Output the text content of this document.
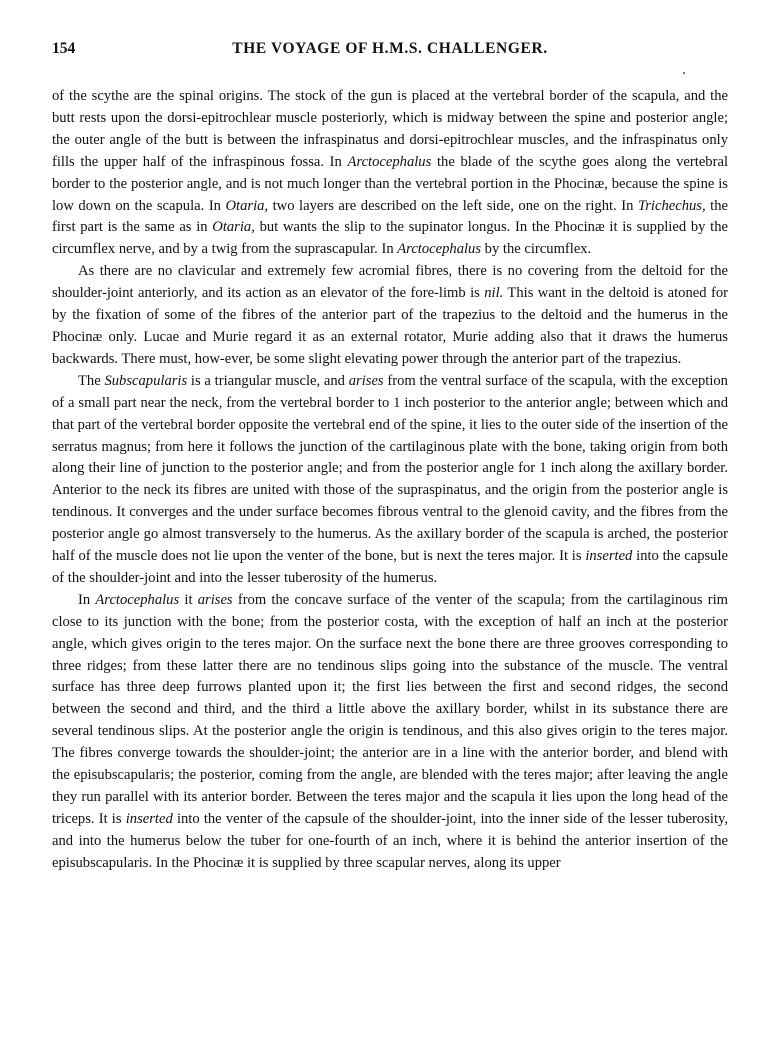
154	THE VOYAGE OF H.M.S. CHALLENGER.

of the scythe are the spinal origins. The stock of the gun is placed at the vertebral border of the scapula, and the butt rests upon the dorsi-epitrochlear muscle posteriorly, which is midway between the spine and posterior angle; the outer angle of the butt is between the infraspinatus and dorsi-epitrochlear muscles, and the infraspinatus only fills the upper half of the infraspinous fossa. In Arctocephalus the blade of the scythe goes along the vertebral border to the posterior angle, and is not much longer than the vertebral portion in the Phocinæ, because the spine is low down on the scapula. In Otaria, two layers are described on the left side, one on the right. In Trichechus, the first part is the same as in Otaria, but wants the slip to the supinator longus. In the Phocinæ it is supplied by the circumflex nerve, and by a twig from the suprascapular. In Arctocephalus by the circumflex.

As there are no clavicular and extremely few acromial fibres, there is no covering from the deltoid for the shoulder-joint anteriorly, and its action as an elevator of the fore-limb is nil. This want in the deltoid is atoned for by the fixation of some of the fibres of the anterior part of the trapezius to the deltoid and the humerus in the Phocinæ only. Lucae and Murie regard it as an external rotator, Murie adding also that it draws the humerus backwards. There must, how-ever, be some slight elevating power through the anterior part of the trapezius.

The Subscapularis is a triangular muscle, and arises from the ventral surface of the scapula, with the exception of a small part near the neck, from the vertebral border to 1 inch posterior to the anterior angle; between which and that part of the vertebral border opposite the vertebral end of the spine, it lies to the outer side of the insertion of the serratus magnus; from here it follows the junction of the cartilaginous plate with the bone, taking origin from both along their line of junction to the posterior angle; and from the posterior angle for 1 inch along the axillary border. Anterior to the neck its fibres are united with those of the supraspinatus, and the origin from the posterior angle is tendinous. It converges and the under surface becomes fibrous ventral to the glenoid cavity, and the fibres from the posterior angle go almost transversely to the humerus. As the axillary border of the scapula is arched, the posterior half of the muscle does not lie upon the venter of the bone, but is next the teres major. It is inserted into the capsule of the shoulder-joint and into the lesser tuberosity of the humerus.

In Arctocephalus it arises from the concave surface of the venter of the scapula; from the cartilaginous rim close to its junction with the bone; from the posterior costa, with the exception of half an inch at the posterior angle, which gives origin to the teres major. On the surface next the bone there are three grooves corresponding to three ridges; from these latter there are no tendinous slips going into the substance of the muscle. The ventral surface has three deep furrows planted upon it; the first lies between the first and second ridges, the second between the second and third, and the third a little above the axillary border, whilst in its substance there are several tendinous slips. At the posterior angle the origin is tendinous, and this also gives origin to the teres major. The fibres converge towards the shoulder-joint; the anterior are in a line with the anterior border, and blend with the episubscapularis; the posterior, coming from the angle, are blended with the teres major; after leaving the angle they run parallel with its anterior border. Between the teres major and the scapula it lies upon the long head of the triceps. It is inserted into the venter of the capsule of the shoulder-joint, into the inner side of the lesser tuberosity, and into the humerus below the tuber for one-fourth of an inch, where it is behind the anterior insertion of the episubscapularis. In the Phocinæ it is supplied by three scapular nerves, along its upper
